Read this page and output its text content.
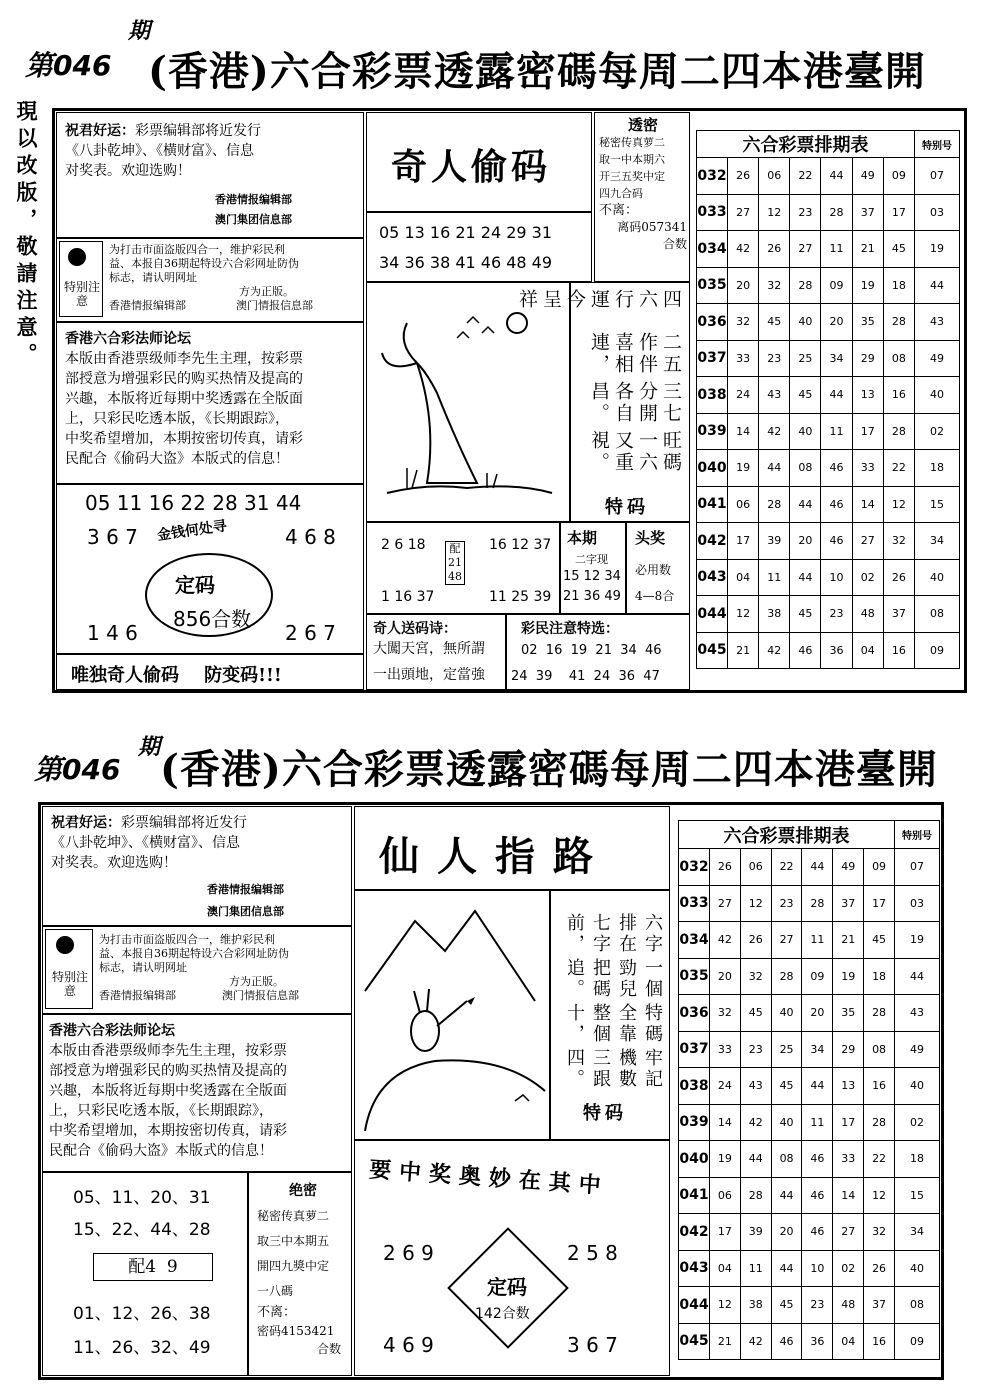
第046
期
(香港)六合彩票透露密碼每周二四本港臺開
現以改版，敬請注意。 祝君好运：彩票编辑部将近发行
《八卦乾坤》、《横财富》、信息
对奖表。欢迎选购！
香港情报编辑部
澳门集团信息部
特别注意
为打击市面盗版四合一，维护彩民利
益、本报自36期起特设六合彩网址防伪
标志，请认明网址
方为正版。
香港情报编辑部	澳门情报信息部
香港六合彩法师论坛
本版由香港票级师李先生主理，按彩票
部授意为增强彩民的购买热情及提高的
兴趣，本版将近每期中奖透露在全版面
上，只彩民吃透本版，《长期跟踪》，
中奖希望增加，本期按密切传真，请彩
民配合《偷码大盗》本版式的信息！
05 11 16 22 28 31 44
3 6 7 金钱何处寻	4 6 8
定码
856合数
1 4 6	2 6 7
唯独奇人偷码    防变码!!!
奇人偷码
05 13 16 21 24 29 31
34 36 38 41 46 48 49
透密
秘密传真萝二
取一中本期六
开三五奖中定
四九合码
不离：
离码057341
合数
四六行運今呈祥
二五作伴喜相連，
三七分開各自昌。
旺碼一六又重視。
特码
2 6 18
1 16 37
配
21
48
16 12 37
11 25 39
本期
二字现
15 12 34
21 36 49
头奖
必用数
4—8合
奇人送码诗：
大闖天宮，無所謂
一出頭地，定當強
彩民注意特选：
02  16  19  21  34  46
24  39    41  24  36  47
六合彩票排期表							特别号
032	26	06	22	44	49	09	07
033	27	12	23	28	37	17	03
034	42	26	27	11	21	45	19
035	20	32	28	09	19	18	44
036	32	45	40	20	35	28	43
037	33	23	25	34	29	08	49
038	24	43	45	44	13	16	40
039	14	42	40	11	17	28	02
040	19	44	08	46	33	22	18
041	06	28	44	46	14	12	15
042	17	39	20	46	27	32	34
043	04	11	44	10	02	26	40
044	12	38	45	23	48	37	08
045	21	42	46	36	04	16	09
第046
期 (香港)六合彩票透露密碼每周二四本港臺開
祝君好运：彩票编辑部将近发行
《八卦乾坤》、《横财富》、信息
对奖表。欢迎选购！
香港情报编辑部
澳门集团信息部
特别注意
为打击市面盗版四合一，维护彩民利
益、本报自36期起特设六合彩网址防伪
标志，请认明网址
方为正版。
香港情报编辑部	澳门情报信息部
香港六合彩法师论坛
本版由香港票级师李先生主理，按彩票
部授意为增强彩民的购买热情及提高的
兴趣，本版将近每期中奖透露在全版面
上，只彩民吃透本版，《长期跟踪》，
中奖希望增加，本期按密切传真，请彩
民配合《偷码大盗》本版式的信息！
05、11、20、31
15、22、44、28
配4  9
01、12、26、38
11、26、32、49
绝密
秘密传真萝二
取三中本期五
開四九獎中定
一八碼
不离：
密码4153421
合数
仙人指路
六字排在七字前，
一個勁兒把碼追。
特碼全靠整個十，
牢記機數三跟四。
特码
要中奖奥妙在其中
2 6 9	2 5 8
定码
142合数
4 6 9	3 6 7
六合彩票排期表							特别号
032	26	06	22	44	49	09	07
033	27	12	23	28	37	17	03
034	42	26	27	11	21	45	19
035	20	32	28	09	19	18	44
036	32	45	40	20	35	28	43
037	33	23	25	34	29	08	49
038	24	43	45	44	13	16	40
039	14	42	40	11	17	28	02
040	19	44	08	46	33	22	18
041	06	28	44	46	14	12	15
042	17	39	20	46	27	32	34
043	04	11	44	10	02	26	40
044	12	38	45	23	48	37	08
045	21	42	46	36	04	16	09
